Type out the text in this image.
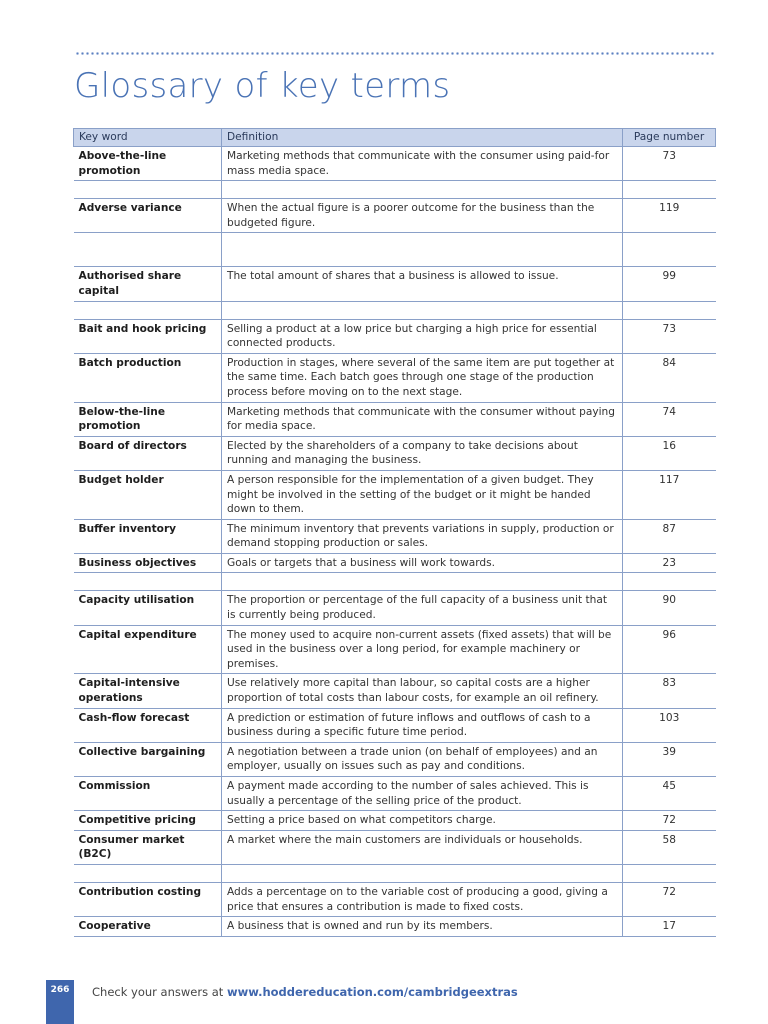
Glossary of key terms
Key word	Definition	Page number
Above-the-line promotion	Marketing methods that communicate with the consumer using paid-for mass media space.	73

Adverse variance	When the actual figure is a poorer outcome for the business than the budgeted figure.	119

Authorised share capital	The total amount of shares that a business is allowed to issue.	99

Bait and hook pricing	Selling a product at a low price but charging a high price for essential connected products.	73
Batch production	Production in stages, where several of the same item are put together at the same time. Each batch goes through one stage of the production process before moving on to the next stage.	84
Below-the-line promotion	Marketing methods that communicate with the consumer without paying for media space.	74
Board of directors	Elected by the shareholders of a company to take decisions about running and managing the business.	16
Budget holder	A person responsible for the implementation of a given budget. They might be involved in the setting of the budget or it might be handed down to them.	117
Buffer inventory	The minimum inventory that prevents variations in supply, production or demand stopping production or sales.	87
Business objectives	Goals or targets that a business will work towards.	23

Capacity utilisation	The proportion or percentage of the full capacity of a business unit that is currently being produced.	90
Capital expenditure	The money used to acquire non-current assets (fixed assets) that will be used in the business over a long period, for example machinery or premises.	96
Capital-intensive operations	Use relatively more capital than labour, so capital costs are a higher proportion of total costs than labour costs, for example an oil refinery.	83
Cash-flow forecast	A prediction or estimation of future inflows and outflows of cash to a business during a specific future time period.	103
Collective bargaining	A negotiation between a trade union (on behalf of employees) and an employer, usually on issues such as pay and conditions.	39
Commission	A payment made according to the number of sales achieved. This is usually a percentage of the selling price of the product.	45
Competitive pricing	Setting a price based on what competitors charge.	72
Consumer market (B2C)	A market where the main customers are individuals or households.	58

Contribution costing	Adds a percentage on to the variable cost of producing a good, giving a price that ensures a contribution is made to fixed costs.	72
Cooperative	A business that is owned and run by its members.	17
266	Check your answers at www.hoddereducation.com/cambridgeextras
